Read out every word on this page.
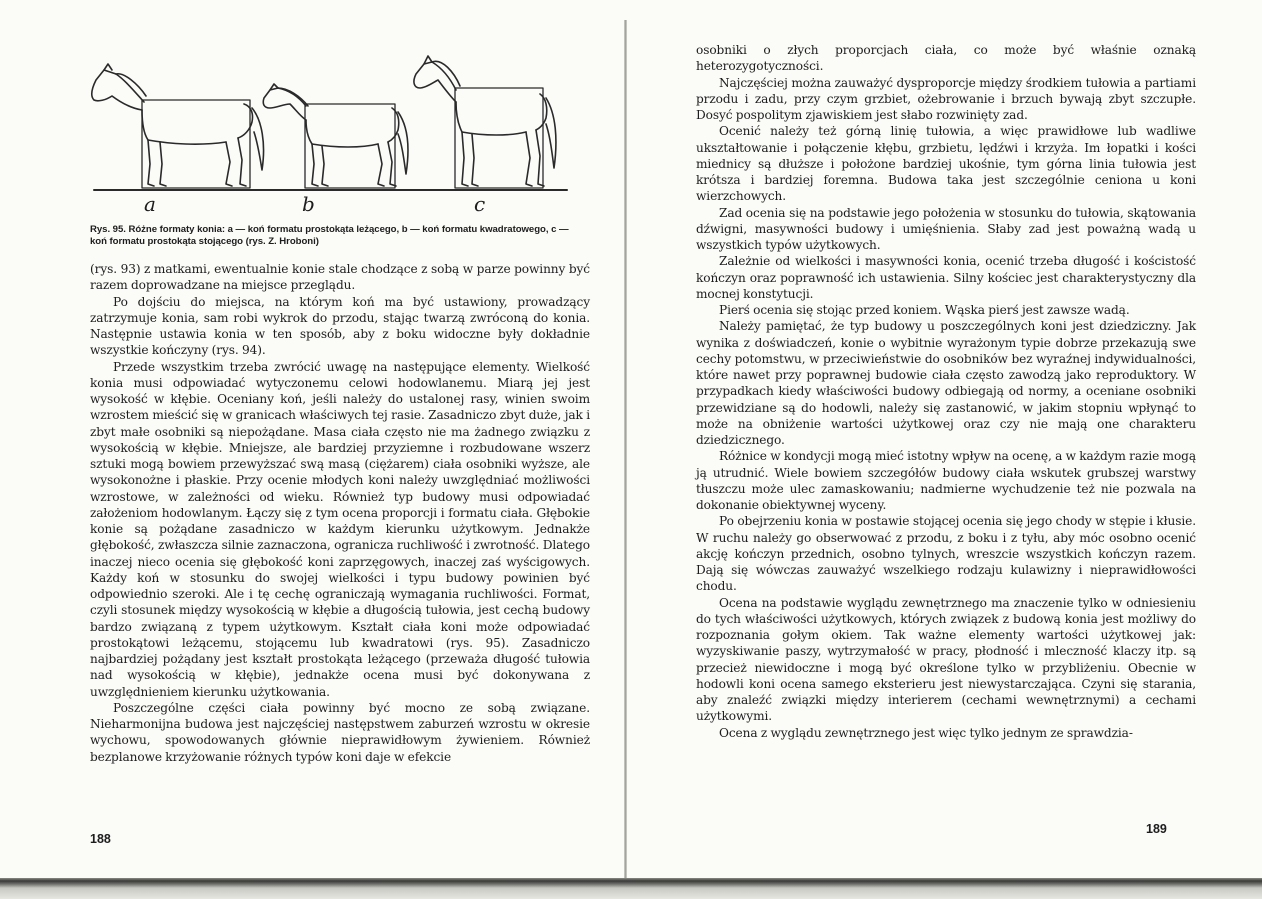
a	b	c
Rys. 95. Różne formaty konia: a — koń formatu prostokąta leżącego, b — koń formatu kwadratowego, c — koń formatu prostokąta stojącego (rys. Z. Hroboni)

(rys. 93) z matkami, ewentualnie konie stale chodzące z sobą w parze powinny być razem doprowadzane na miejsce przeglądu.

Po dojściu do miejsca, na którym koń ma być ustawiony, prowadzący zatrzymuje konia, sam robi wykrok do przodu, stając twarzą zwróconą do konia. Następnie ustawia konia w ten sposób, aby z boku widoczne były dokładnie wszystkie kończyny (rys. 94).

Przede wszystkim trzeba zwrócić uwagę na następujące elementy. Wielkość konia musi odpowiadać wytyczonemu celowi hodowlanemu. Miarą jej jest wysokość w kłębie. Oceniany koń, jeśli należy do ustalonej rasy, winien swoim wzrostem mieścić się w granicach właściwych tej rasie. Zasadniczo zbyt duże, jak i zbyt małe osobniki są niepożądane. Masa ciała często nie ma żadnego związku z wysokością w kłębie. Mniejsze, ale bardziej przyziemne i rozbudowane wszerz sztuki mogą bowiem przewyższać swą masą (ciężarem) ciała osobniki wyższe, ale wysokonożne i płaskie. Przy ocenie młodych koni należy uwzględniać możliwości wzrostowe, w zależności od wieku. Również typ budowy musi odpowiadać założeniom hodowlanym. Łączy się z tym ocena proporcji i formatu ciała. Głębokie konie są pożądane zasadniczo w każdym kierunku użytkowym. Jednakże głębokość, zwłaszcza silnie zaznaczona, ogranicza ruchliwość i zwrotność. Dlatego inaczej nieco ocenia się głębokość koni zaprzęgowych, inaczej zaś wyścigowych. Każdy koń w stosunku do swojej wielkości i typu budowy powinien być odpowiednio szeroki. Ale i tę cechę ograniczają wymagania ruchliwości. Format, czyli stosunek między wysokością w kłębie a długością tułowia, jest cechą budowy bardzo związaną z typem użytkowym. Kształt ciała koni może odpowiadać prostokątowi leżącemu, stojącemu lub kwadratowi (rys. 95). Zasadniczo najbardziej pożądany jest kształt prostokąta leżącego (przeważa długość tułowia nad wysokością w kłębie), jednakże ocena musi być dokonywana z uwzględnieniem kierunku użytkowania.

Poszczególne części ciała powinny być mocno ze sobą związane. Nieharmonijna budowa jest najczęściej następstwem zaburzeń wzrostu w okresie wychowu, spowodowanych głównie nieprawidłowym żywieniem. Również bezplanowe krzyżowanie różnych typów koni daje w efekcie

188

osobniki o złych proporcjach ciała, co może być właśnie oznaką heterozygotyczności.

Najczęściej można zauważyć dysproporcje między środkiem tułowia a partiami przodu i zadu, przy czym grzbiet, ożebrowanie i brzuch bywają zbyt szczupłe. Dosyć pospolitym zjawiskiem jest słabo rozwinięty zad.

Ocenić należy też górną linię tułowia, a więc prawidłowe lub wadliwe ukształtowanie i połączenie kłębu, grzbietu, lędźwi i krzyża. Im łopatki i kości miednicy są dłuższe i położone bardziej ukośnie, tym górna linia tułowia jest krótsza i bardziej foremna. Budowa taka jest szczególnie ceniona u koni wierzchowych.

Zad ocenia się na podstawie jego położenia w stosunku do tułowia, skątowania dźwigni, masywności budowy i umięśnienia. Słaby zad jest poważną wadą u wszystkich typów użytkowych.

Zależnie od wielkości i masywności konia, ocenić trzeba długość i kościstość kończyn oraz poprawność ich ustawienia. Silny kościec jest charakterystyczny dla mocnej konstytucji.

Pierś ocenia się stojąc przed koniem. Wąska pierś jest zawsze wadą.

Należy pamiętać, że typ budowy u poszczególnych koni jest dziedziczny. Jak wynika z doświadczeń, konie o wybitnie wyrażonym typie dobrze przekazują swe cechy potomstwu, w przeciwieństwie do osobników bez wyraźnej indywidualności, które nawet przy poprawnej budowie ciała często zawodzą jako reproduktory. W przypadkach kiedy właściwości budowy odbiegają od normy, a oceniane osobniki przewidziane są do hodowli, należy się zastanowić, w jakim stopniu wpłynąć to może na obniżenie wartości użytkowej oraz czy nie mają one charakteru dziedzicznego.

Różnice w kondycji mogą mieć istotny wpływ na ocenę, a w każdym razie mogą ją utrudnić. Wiele bowiem szczegółów budowy ciała wskutek grubszej warstwy tłuszczu może ulec zamaskowaniu; nadmierne wychudzenie też nie pozwala na dokonanie obiektywnej wyceny.

Po obejrzeniu konia w postawie stojącej ocenia się jego chody w stępie i kłusie. W ruchu należy go obserwować z przodu, z boku i z tyłu, aby móc osobno ocenić akcję kończyn przednich, osobno tylnych, wreszcie wszystkich kończyn razem. Dają się wówczas zauważyć wszelkiego rodzaju kulawizny i nieprawidłowości chodu.

Ocena na podstawie wyglądu zewnętrznego ma znaczenie tylko w odniesieniu do tych właściwości użytkowych, których związek z budową konia jest możliwy do rozpoznania gołym okiem. Tak ważne elementy wartości użytkowej jak: wyzyskiwanie paszy, wytrzymałość w pracy, płodność i mleczność klaczy itp. są przecież niewidoczne i mogą być określone tylko w przybliżeniu. Obecnie w hodowli koni ocena samego eksterieru jest niewystarczająca. Czyni się starania, aby znaleźć związki między interierem (cechami wewnętrznymi) a cechami użytkowymi.

Ocena z wyglądu zewnętrznego jest więc tylko jednym ze sprawdzia-

189
